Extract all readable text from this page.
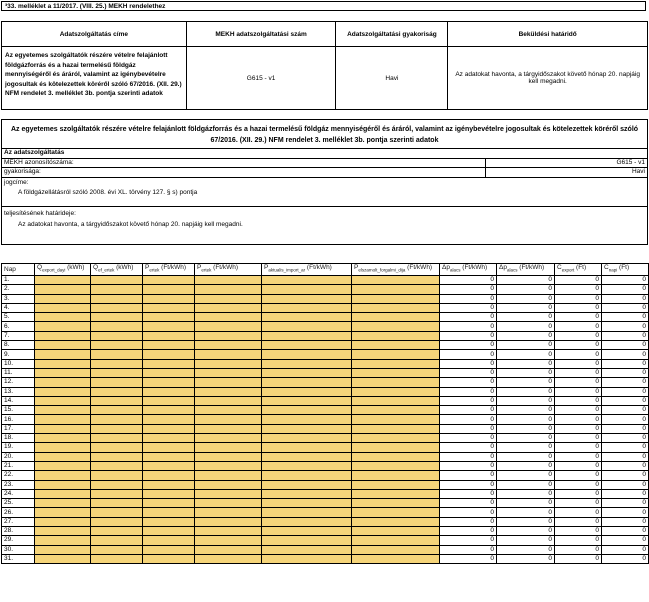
³33. melléklet a 11/2017. (VIII. 25.) MEKH rendelethez
Adatszolgáltatás címe	MEKH adatszolgáltatási szám	Adatszolgáltatási gyakoriság	Beküldési határidő
Az egyetemes szolgáltatók részére vételre felajánlott földgázforrás és a hazai termelésű földgáz mennyiségéről és áráról, valamint az igénybevételre jogosultak és kötelezettek köréről szóló 67/2016. (XII. 29.) NFM rendelet 3. melléklet 3b. pontja szerinti adatok	G615 - v1	Havi	Az adatokat havonta, a tárgyidőszakot követő hónap 20. napjáig kell megadni.
Az egyetemes szolgáltatók részére vételre felajánlott földgázforrás és a hazai termelésű földgáz mennyiségéről és áráról, valamint az igénybevételre jogosultak és kötelezettek köréről szóló 67/2016. (XII. 29.) NFM rendelet 3. melléklet 3b. pontja szerinti adatok
Az adatszolgáltatás
MEKH azonosítószáma:	G615 - v1
gyakorisága:	Havi
jogcíme:
A földgázellátásról szóló 2008. évi XL. törvény 127. § s) pontja
teljesítésének határideje:
Az adatokat havonta, a tárgyidőszakot követő hónap 20. napjáig kell megadni.
Nap	$Q_{export\_dayi}$ (kWh)	$Q_{ef\_ertek}$ (kWh)	$P_{ertek}$ (Ft/kWh)	$P_{ertek}$ (Ft/kWh)	$P_{aktualis\_import\_ar}$ (Ft/kWh)	$P_{elszamolt\_forgalmi\_dija}$ (Ft/kWh)	$\Delta p_{alacs}$ (Ft/kWh)	$\Delta p_{alacs}$ (Ft/kWh)	$C_{export}$ (Ft)	$C_{napi}$ (Ft)
1.							0	0	0	0
2.							0	0	0	0
3.							0	0	0	0
4.							0	0	0	0
5.							0	0	0	0
6.							0	0	0	0
7.							0	0	0	0
8.							0	0	0	0
9.							0	0	0	0
10.							0	0	0	0
11.							0	0	0	0
12.							0	0	0	0
13.							0	0	0	0
14.							0	0	0	0
15.							0	0	0	0
16.							0	0	0	0
17.							0	0	0	0
18.							0	0	0	0
19.							0	0	0	0
20.							0	0	0	0
21.							0	0	0	0
22.							0	0	0	0
23.							0	0	0	0
24.							0	0	0	0
25.							0	0	0	0
26.							0	0	0	0
27.							0	0	0	0
28.							0	0	0	0
29.							0	0	0	0
30.							0	0	0	0
31.							0	0	0	0
